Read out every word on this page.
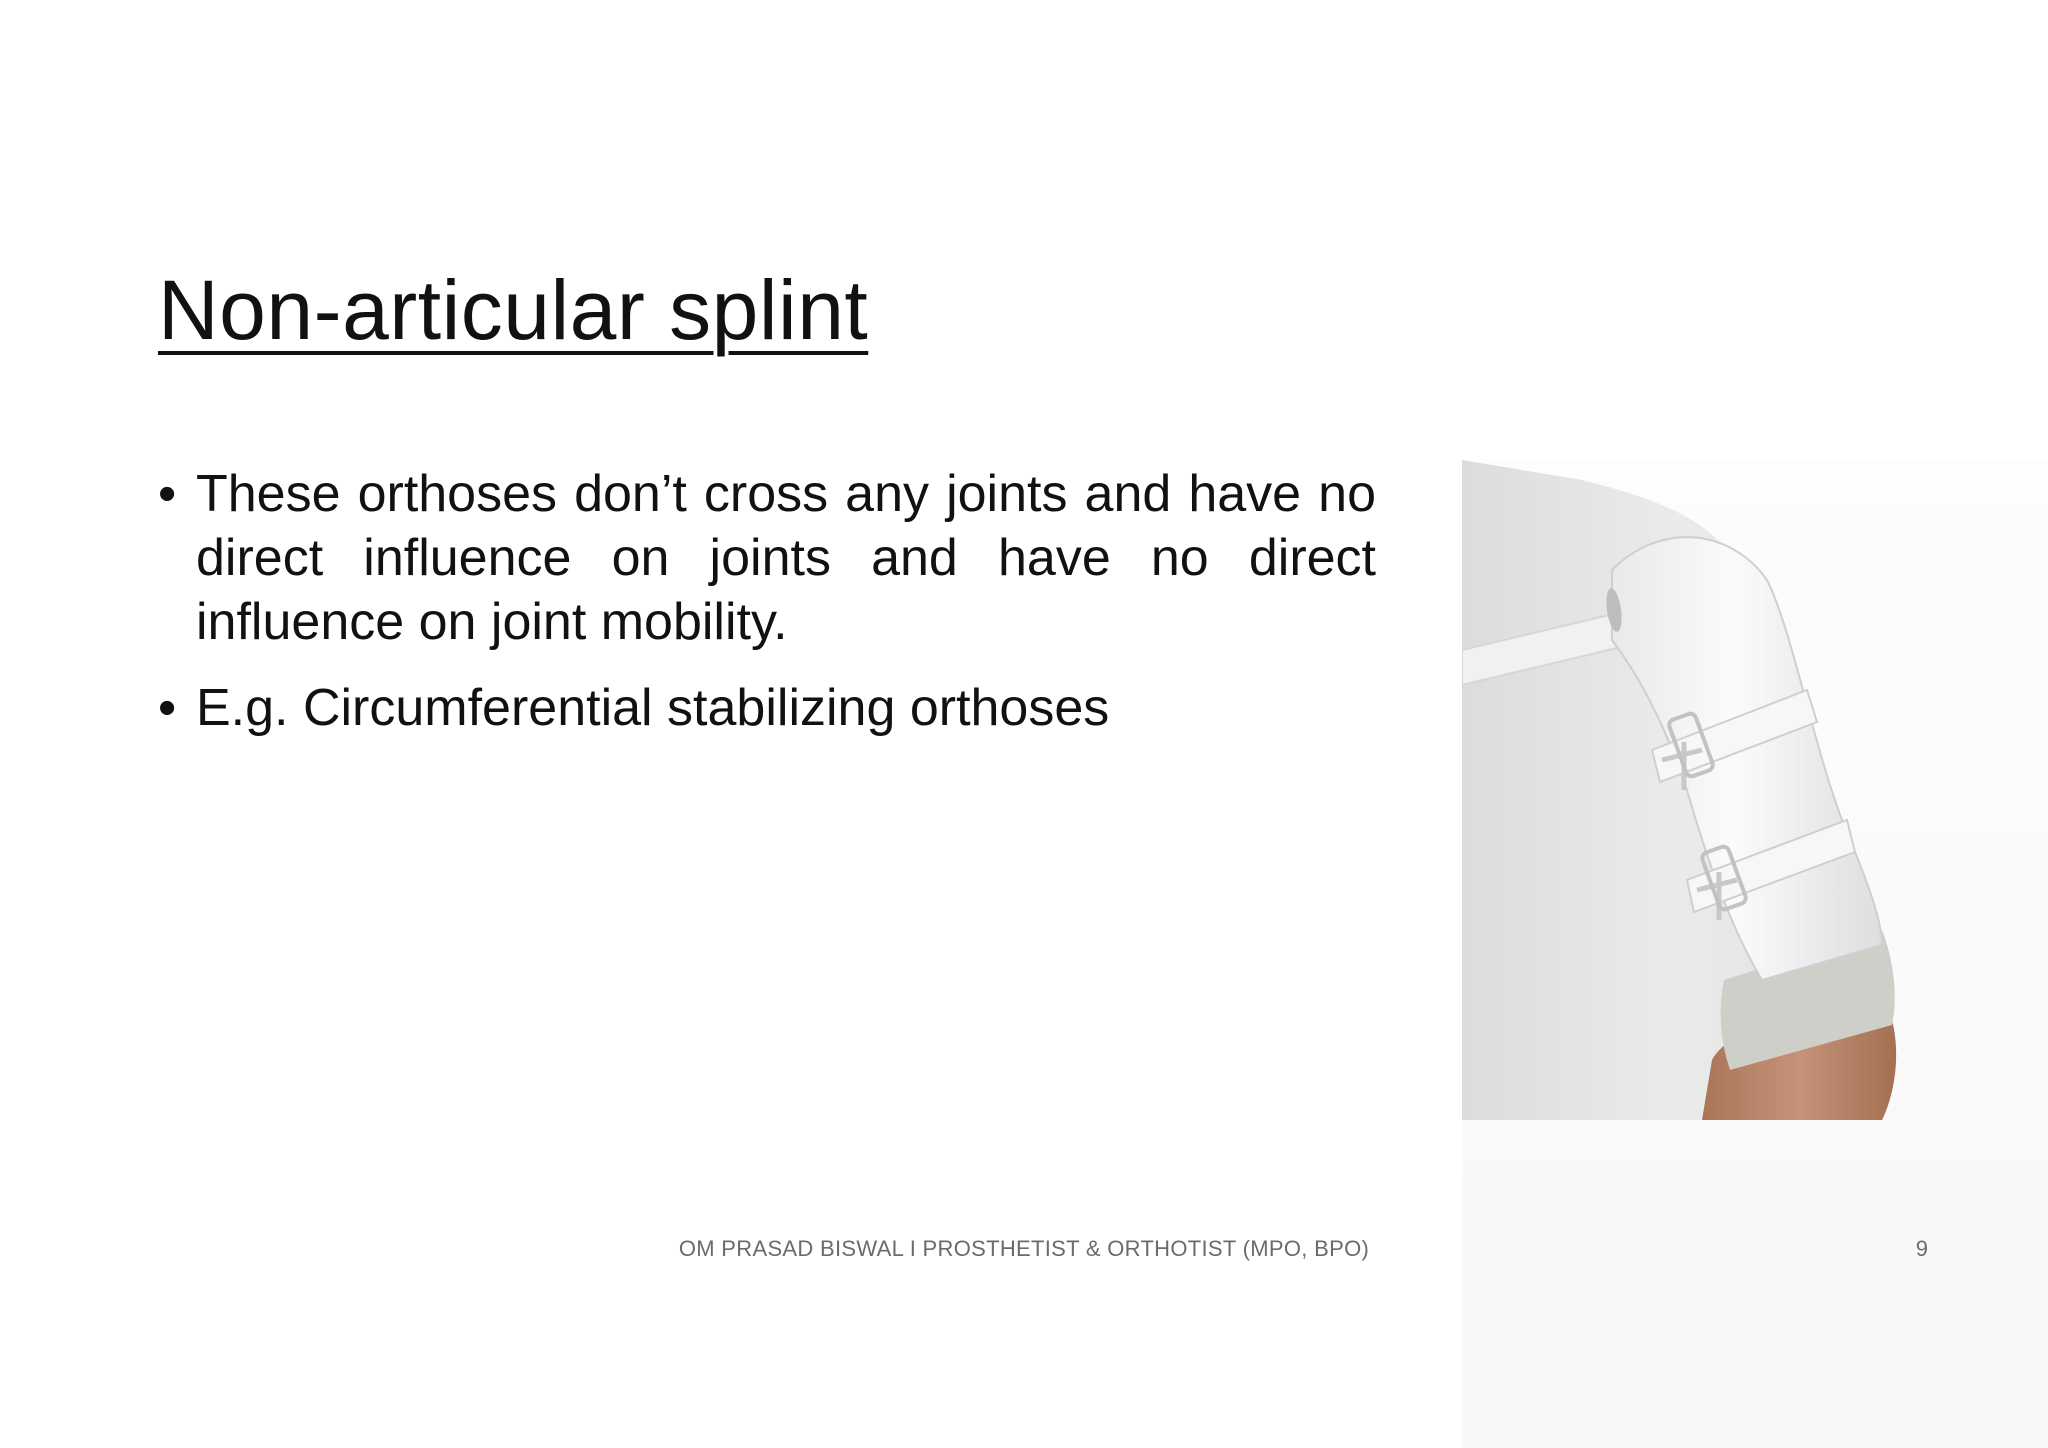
Non-articular splint
• These orthoses don’t cross any joints and have no direct influence on joints and have no direct influence on joint mobility.
• E.g. Circumferential stabilizing orthoses
OM PRASAD BISWAL I PROSTHETIST & ORTHOTIST (MPO, BPO)	9
